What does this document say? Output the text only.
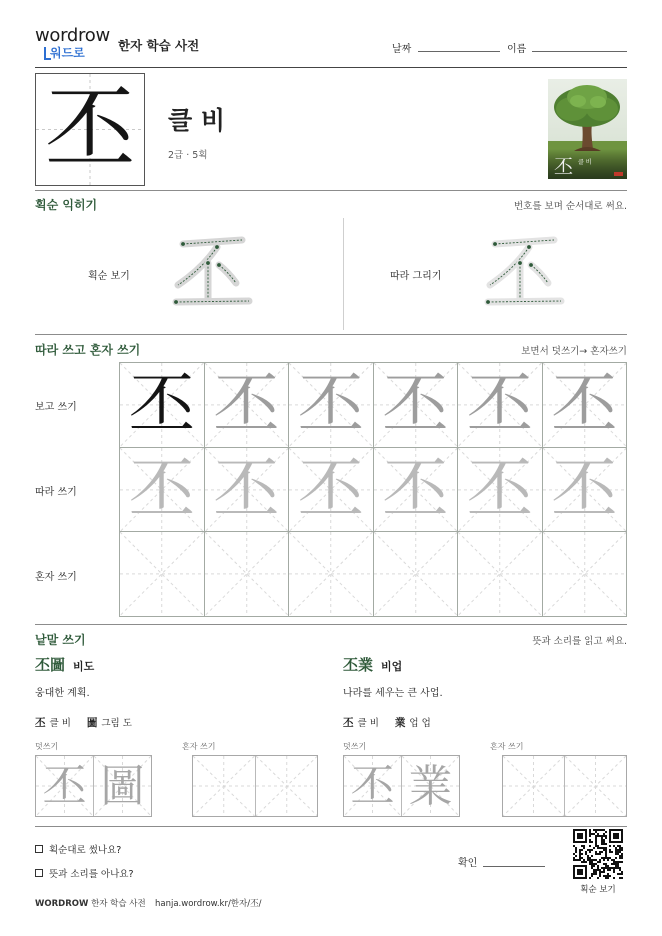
wordrow
워드로	한자 학습 사전	날짜	이름
丕	클 비
2급 · 5획
丕 클 비
획순 익히기	번호를 보며 순서대로 써요.
획순 보기	따라 그리기
따라 쓰고 혼자 쓰기	보면서 덧쓰기→ 혼자쓰기
보고 쓰기
따라 쓰기
혼자 쓰기
丕 丕 丕 丕 丕 丕
丕 丕 丕 丕 丕 丕
낱말 쓰기	뜻과 소리를 읽고 써요.
丕圖 비도
웅대한 계획.
丕 클 비 圖 그림 도
덧쓰기	혼자 쓰기
丕 圖
丕業 비업
나라를 세우는 큰 사업.
丕 클 비 業 업 업
덧쓰기	혼자 쓰기
丕 業
획순대로 썼나요?
뜻과 소리를 아나요?
확인
획순 보기
WORDROW 한자 학습 사전 hanja.wordrow.kr/한자/丕/
